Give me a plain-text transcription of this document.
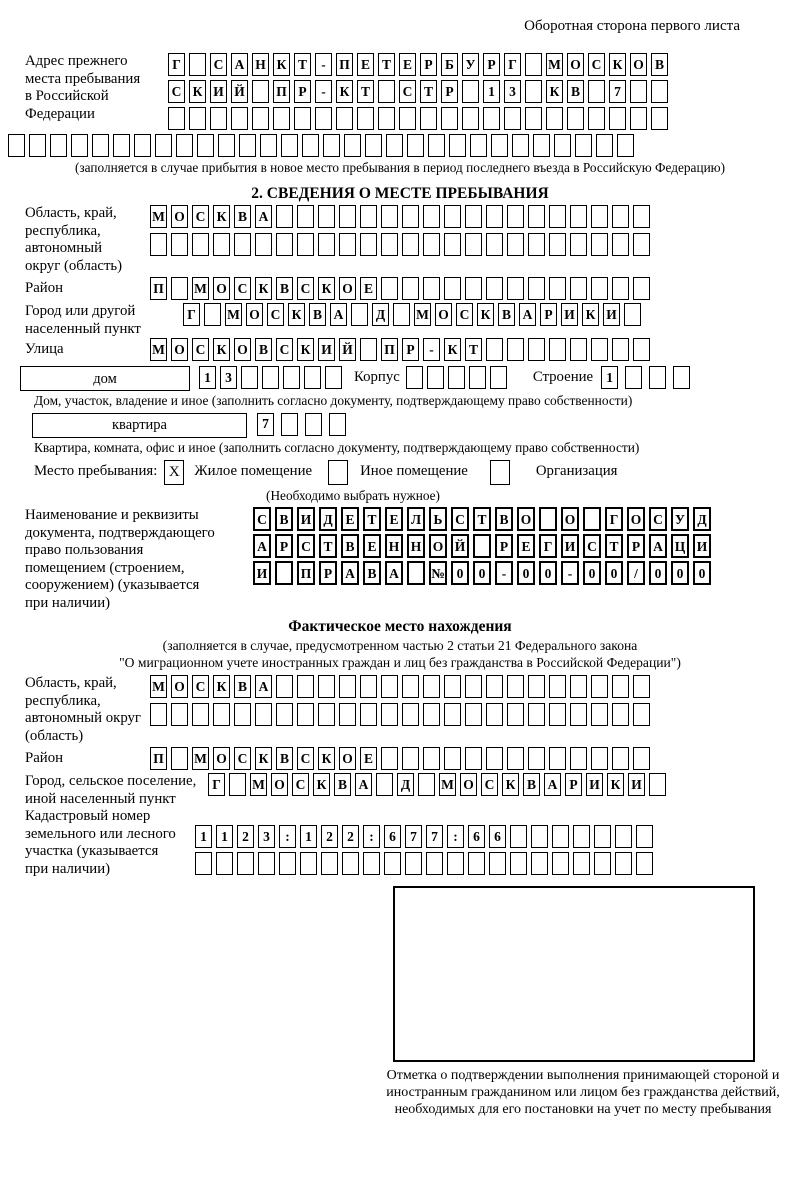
Оборотная сторона первого листа
Адрес прежнего
места пребывания
в Российской
Федерации
Г	С А Н К Т	- П Е Т Е Р Б У Р Г	М О С К О В
С К И Й П Р	-	К Т С Т Р	1	3	К В	7
(заполняется в случае прибытия в новое место пребывания в период последнего въезда в Российскую Федерацию)
2. СВЕДЕНИЯ О МЕСТЕ ПРЕБЫВАНИЯ
Область, край,
республика,
автономный
округ (область)
М О С К В А
Район	П М О С К В С К О Е
Город или другой
населенный пункт
Г	М О С К В А Д М О С К В А Р И К И
Улица	М О С К О В С К И Й П Р	-	К Т
дом	1	3	Корпус	Строение 1
Дом, участок, владение и иное (заполнить согласно документу, подтверждающему право собственности)
квартира	7
Квартира, комната, офис и иное (заполнить согласно документу, подтверждающему право собственности)
Место пребывания: X Жилое помещение	Иное помещение	Организация
(Необходимо выбрать нужное)
Наименование и реквизиты
документа, подтверждающего
право пользования
помещением (строением,
сооружением) (указывается
при наличии)
С В И Д Е Т Е Л Ь С Т В О О	Г О С У Д
А Р С Т В Е Н Н О Й	Р Е Г И С Т Р А Ц И
И П Р А В А	№ 0	0	-	0	0	-	0	0	/	0	0	0
Фактическое место нахождения
(заполняется в случае, предусмотренном частью 2 статьи 21 Федерального закона
"О миграционном учете иностранных граждан и лиц без гражданства в Российской Федерации")
Область, край,
республика,
автономный округ
(область)
М О С К В А
Район	П М О С К В С К О Е
Город, сельское поселение,
иной населенный пункт
Г	М О С К В А Д М О С К В А Р И К И
Кадастровый номер
земельного или лесного
участка (указывается
при наличии)
1	1	2	3	:	1	2	2	:	6	7	7	:	6	6
Отметка о подтверждении выполнения принимающей стороной и иностранным гражданином или лицом без гражданства действий, необходимых для его постановки на учет по месту пребывания
